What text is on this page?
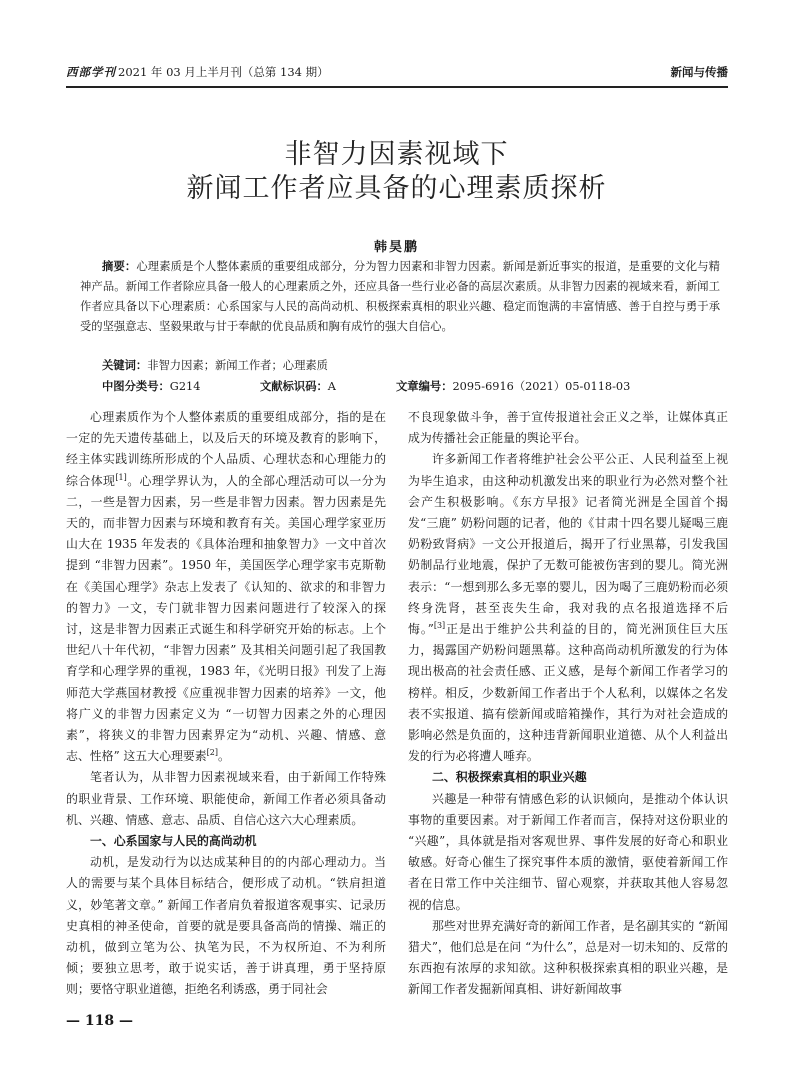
西部学刊 2021 年 03 月上半月刊（总第 134 期）	新闻与传播
非智力因素视域下
新闻工作者应具备的心理素质探析
韩昊鹏

摘要：心理素质是个人整体素质的重要组成部分，分为智力因素和非智力因素。新闻是新近事实的报道，是重要的文化与精神产品。新闻工作者除应具备一般人的心理素质之外，还应具备一些行业必备的高层次素质。从非智力因素的视域来看，新闻工作者应具备以下心理素质：心系国家与人民的高尚动机、积极探索真相的职业兴趣、稳定而饱满的丰富情感、善于自控与勇于承受的坚强意志、坚毅果敢与甘于奉献的优良品质和胸有成竹的强大自信心。

关键词：非智力因素；新闻工作者；心理素质
中图分类号：G214	文献标识码：A	文章编号：2095-6916（2021）05-0118-03

心理素质作为个人整体素质的重要组成部分，指的是在一定的先天遗传基础上，以及后天的环境及教育的影响下，经主体实践训练所形成的个人品质、心理状态和心理能力的综合体现[1]。心理学界认为，人的全部心理活动可以一分为二，一些是智力因素，另一些是非智力因素。智力因素是先天的，而非智力因素与环境和教育有关。美国心理学家亚历山大在 1935 年发表的《具体治理和抽象智力》一文中首次提到 “非智力因素”。1950 年，美国医学心理学家韦克斯勒在《美国心理学》杂志上发表了《认知的、欲求的和非智力的智力》一文，专门就非智力因素问题进行了较深入的探讨，这是非智力因素正式诞生和科学研究开始的标志。上个世纪八十年代初，“非智力因素” 及其相关问题引起了我国教育学和心理学界的重视，1983 年，《光明日报》刊发了上海师范大学燕国材教授《应重视非智力因素的培养》一文，他将广义的非智力因素定义为 “一切智力因素之外的心理因素”，将狭义的非智力因素界定为“动机、兴趣、情感、意志、性格” 这五大心理要素[2]。

笔者认为，从非智力因素视域来看，由于新闻工作特殊的职业背景、工作环境、职能使命，新闻工作者必须具备动机、兴趣、情感、意志、品质、自信心这六大心理素质。

一、心系国家与人民的高尚动机

动机，是发动行为以达成某种目的的内部心理动力。当人的需要与某个具体目标结合，便形成了动机。“铁肩担道义，妙笔著文章。” 新闻工作者肩负着报道客观事实、记录历史真相的神圣使命，首要的就是要具备高尚的情操、端正的动机，做到立笔为公、执笔为民，不为权所迫、不为利所倾；要独立思考，敢于说实话，善于讲真理，勇于坚持原则；要恪守职业道德，拒绝名利诱惑，勇于同社会

不良现象做斗争，善于宣传报道社会正义之举，让媒体真正成为传播社会正能量的舆论平台。

许多新闻工作者将维护社会公平公正、人民利益至上视为毕生追求，由这种动机激发出来的职业行为必然对整个社会产生积极影响。《东方早报》记者简光洲是全国首个揭发“三鹿” 奶粉问题的记者，他的《甘肃十四名婴儿疑喝三鹿奶粉致肾病》一文公开报道后，揭开了行业黑幕，引发我国奶制品行业地震，保护了无数可能被伤害到的婴儿。简光洲表示：“一想到那么多无辜的婴儿，因为喝了三鹿奶粉而必须终身洗肾，甚至丧失生命，我对我的点名报道选择不后悔。”[3]正是出于维护公共利益的目的，简光洲顶住巨大压力，揭露国产奶粉问题黑幕。这种高尚动机所激发的行为体现出极高的社会责任感、正义感，是每个新闻工作者学习的榜样。相反，少数新闻工作者出于个人私利，以媒体之名发表不实报道、搞有偿新闻或暗箱操作，其行为对社会造成的影响必然是负面的，这种违背新闻职业道德、从个人利益出发的行为必将遭人唾弃。

二、积极探索真相的职业兴趣

兴趣是一种带有情感色彩的认识倾向，是推动个体认识事物的重要因素。对于新闻工作者而言，保持对这份职业的 “兴趣”，具体就是指对客观世界、事件发展的好奇心和职业敏感。好奇心催生了探究事件本质的激情，驱使着新闻工作者在日常工作中关注细节、留心观察，并获取其他人容易忽视的信息。

那些对世界充满好奇的新闻工作者，是名副其实的 “新闻猎犬”，他们总是在问 “为什么”，总是对一切未知的、反常的东西抱有浓厚的求知欲。这种积极探索真相的职业兴趣，是新闻工作者发掘新闻真相、讲好新闻故事

— 118 —
